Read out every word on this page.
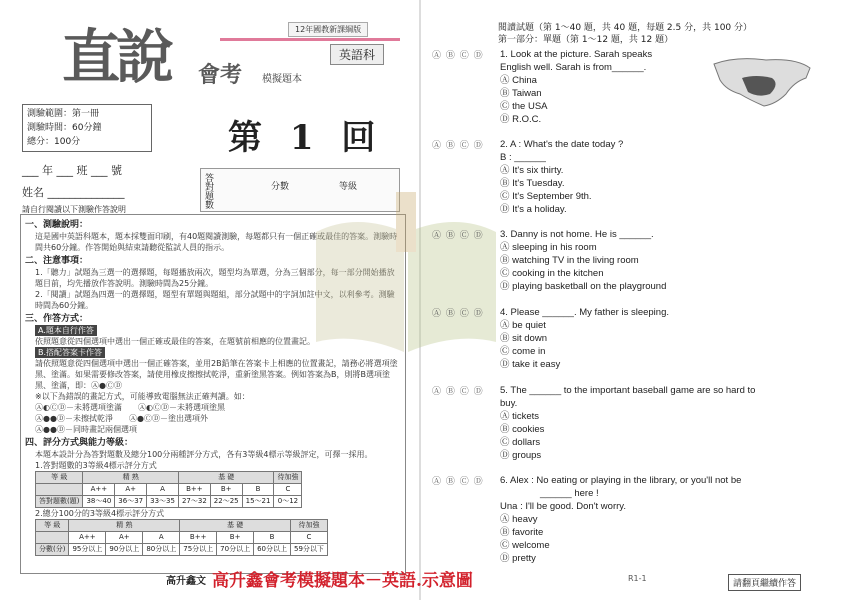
直說 會考 模擬題本
12年國教新課綱版
英語科
測驗範圍：第一冊
測驗時間：60分鐘
總分：100分	第 1 回
___ 年 ___ 班 ___ 號
姓名 ______________
答
對
題
數
分數	等級
請自行閱讀以下測驗作答說明
一、測驗說明：
這是國中英語科題本，題本採雙面印刷，有40題閱讀測驗，每題都只有一個正確或最佳的答案。測驗時間共60分鐘。作答開始與結束請聽從監試人員的指示。
二、注意事項：
1.「聽力」試題為三選一的選擇題，每題播放兩次，題型均為單選，分為三個部分，每一部分開始播放題目前，均先播放作答說明。測驗時間為25分鐘。
2.「閱讀」試題為四選一的選擇題，題型有單題與題組，部分試題中的字詞加註中文，以利參考。測驗時間為60分鐘。
三、作答方式：
A.題本自行作答
依照題意從四個選項中選出一個正確或最佳的答案，在題號前相應的位置畫記。
B.搭配答案卡作答
請依照題意從四個選項中選出一個正確答案，並用2B鉛筆在答案卡上相應的位置畫記，請務必將選項塗黑、塗滿。如果需要修改答案，請使用橡皮擦擦拭乾淨，重新塗黑答案。例如答案為B，則將B選項塗黑、塗滿，即：Ⓐ●ⒸⒹ
※以下為錯誤的畫記方式，可能導致電腦無法正確判讀。如：
Ⓐ◐ⒸⒹ－未將選項塗滿　　Ⓐ◐ⒸⒹ－未將選項塗黑
Ⓐ●●Ⓓ－未擦拭乾淨　　Ⓐ●ⒸⒹ－塗出選項外
Ⓐ●●Ⓓ－同時畫記兩個選項
四、評分方式與能力等級：
本題本設計分為答對題數及總分100分兩種評分方式，各有3等級4標示等級評定，可擇一採用。
1.答對題數的3等級4標示評分方式
等 級	精 熟			基 礎			待加強
	A++	A+	A	B++	B+	B	C
答對題數(題)	38～40	36～37	33～35	27～32	22～25	15～21	0～12
2.總分100分的3等級4標示評分方式
等 級	精 熟			基 礎			待加強
	A++	A+	A	B++	B+	B	C
分數(分)	95分以上	90分以上	80分以上	75分以上	70分以上	60分以上	59分以下
高升鑫文
閱讀試題（第 1～40 題，共 40 題，每題 2.5 分，共 100 分）
第一部分：單題（第 1～12 題，共 12 題）
Ⓐ Ⓑ Ⓒ Ⓓ 1. Look at the picture. Sarah speaks
English well. Sarah is from______.
Ⓐ China
Ⓑ Taiwan
Ⓒ the USA
Ⓓ R.O.C.
Ⓐ Ⓑ Ⓒ Ⓓ 2. A : What's the date today ?
B : ______
Ⓐ It's six thirty.
Ⓑ It's Tuesday.
Ⓒ It's September 9th.
Ⓓ It's a holiday.
Ⓐ Ⓑ Ⓒ Ⓓ 3. Danny is not home. He is ______.
Ⓐ sleeping in his room
Ⓑ watching TV in the living room
Ⓒ cooking in the kitchen
Ⓓ playing basketball on the playground
Ⓐ Ⓑ Ⓒ Ⓓ 4. Please ______. My father is sleeping.
Ⓐ be quiet
Ⓑ sit down
Ⓒ come in
Ⓓ take it easy
Ⓐ Ⓑ Ⓒ Ⓓ 5. The ______ to the important baseball game are so hard to
buy.
Ⓐ tickets
Ⓑ cookies
Ⓒ dollars
Ⓓ groups
Ⓐ Ⓑ Ⓒ Ⓓ 6. Alex : No eating or playing in the library, or you'll not be
______ here !
Una : I'll be good. Don't worry.
Ⓐ heavy
Ⓑ favorite
Ⓒ welcome
Ⓓ pretty
高升鑫會考模擬題本－英語.示意圖	R1-1
請翻頁繼續作答
